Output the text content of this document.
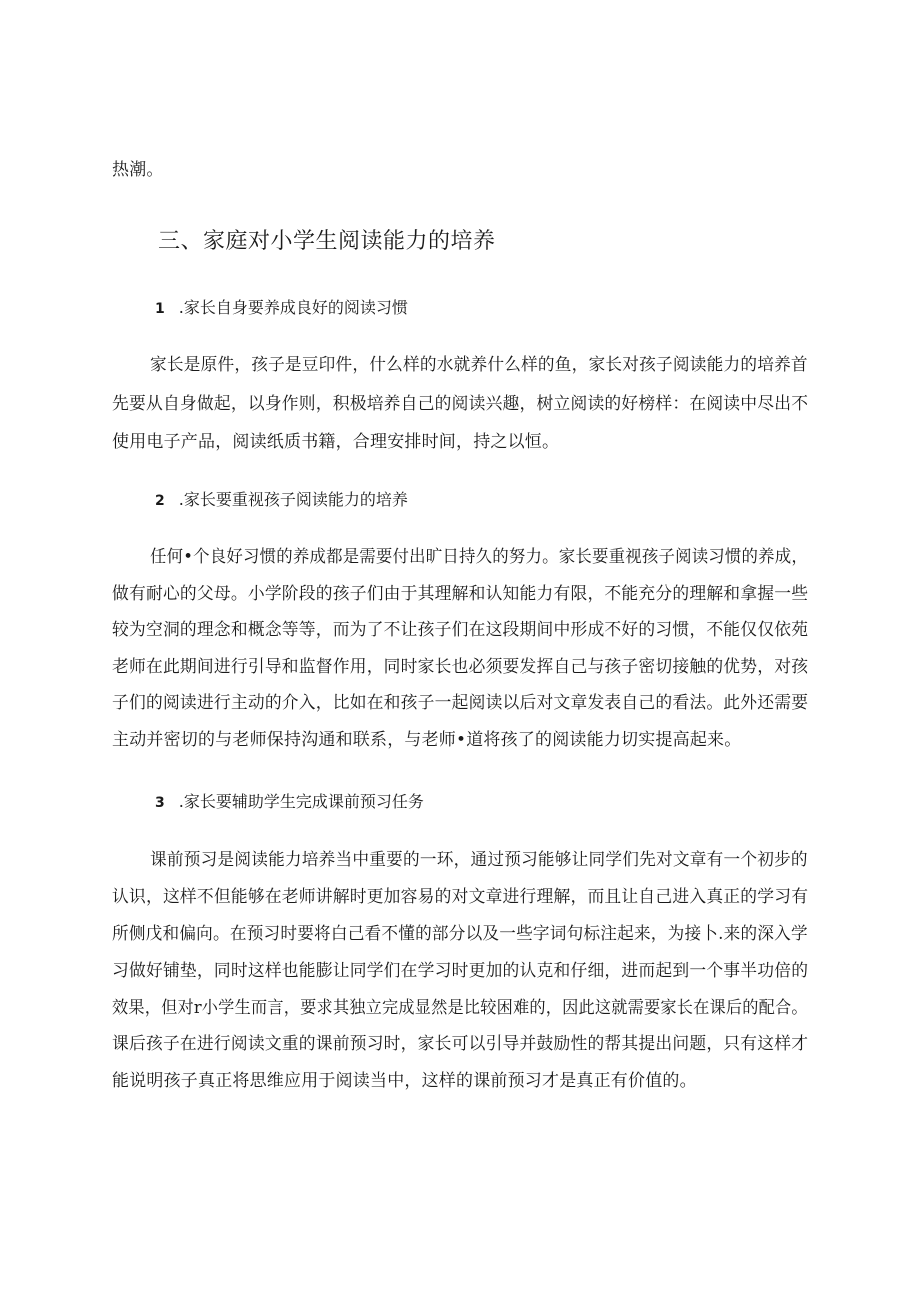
热潮。
三、家庭对小学生阅读能力的培养
1 .家长自身要养成良好的阅读习惯
家长是原件，孩子是豆印件，什么样的水就养什么样的鱼，家长对孩子阅读能力的培养首
先要从自身做起，以身作则，积极培养自己的阅读兴趣，树立阅读的好榜样：在阅读中尽出不
使用电子产品，阅读纸质书籍，合理安排时间，持之以恒。
2 .家长要重视孩子阅读能力的培养
任何•个良好习惯的养成都是需要付出旷日持久的努力。家长要重视孩子阅读习惯的养成，
做有耐心的父母。小学阶段的孩子们由于其理解和认知能力有限，不能充分的理解和拿握一些
较为空洞的理念和概念等等，而为了不让孩子们在这段期间中形成不好的习惯，不能仅仅依苑
老师在此期间进行引导和监督作用，同时家长也必须要发挥自己与孩子密切接触的优势，对孩
子们的阅读进行主动的介入，比如在和孩子一起阅读以后对文章发表自己的看法。此外还需要
主动并密切的与老师保持沟通和联系，与老师•道将孩了的阅读能力切实提高起来。
3 .家长要辅助学生完成课前预习任务
课前预习是阅读能力培养当中重要的一环，通过预习能够让同学们先对文章有一个初步的
认识，这样不但能够在老师讲解时更加容易的对文章进行理解，而且让自己进入真正的学习有
所侧戊和偏向。在预习时要将白己看不懂的部分以及一些字词句标注起来，为接卜.来的深入学
习做好铺垫，同时这样也能膨让同学们在学习时更加的认克和仔细，进而起到一个事半功倍的
效果，但对r小学生而言，要求其独立完成显然是比较困难的，因此这就需要家长在课后的配合。
课后孩子在进行阅读文重的课前预习时，家长可以引导并鼓励性的帮其提出问题，只有这样才
能说明孩子真正将思维应用于阅读当中，这样的课前预习才是真正有价值的。
